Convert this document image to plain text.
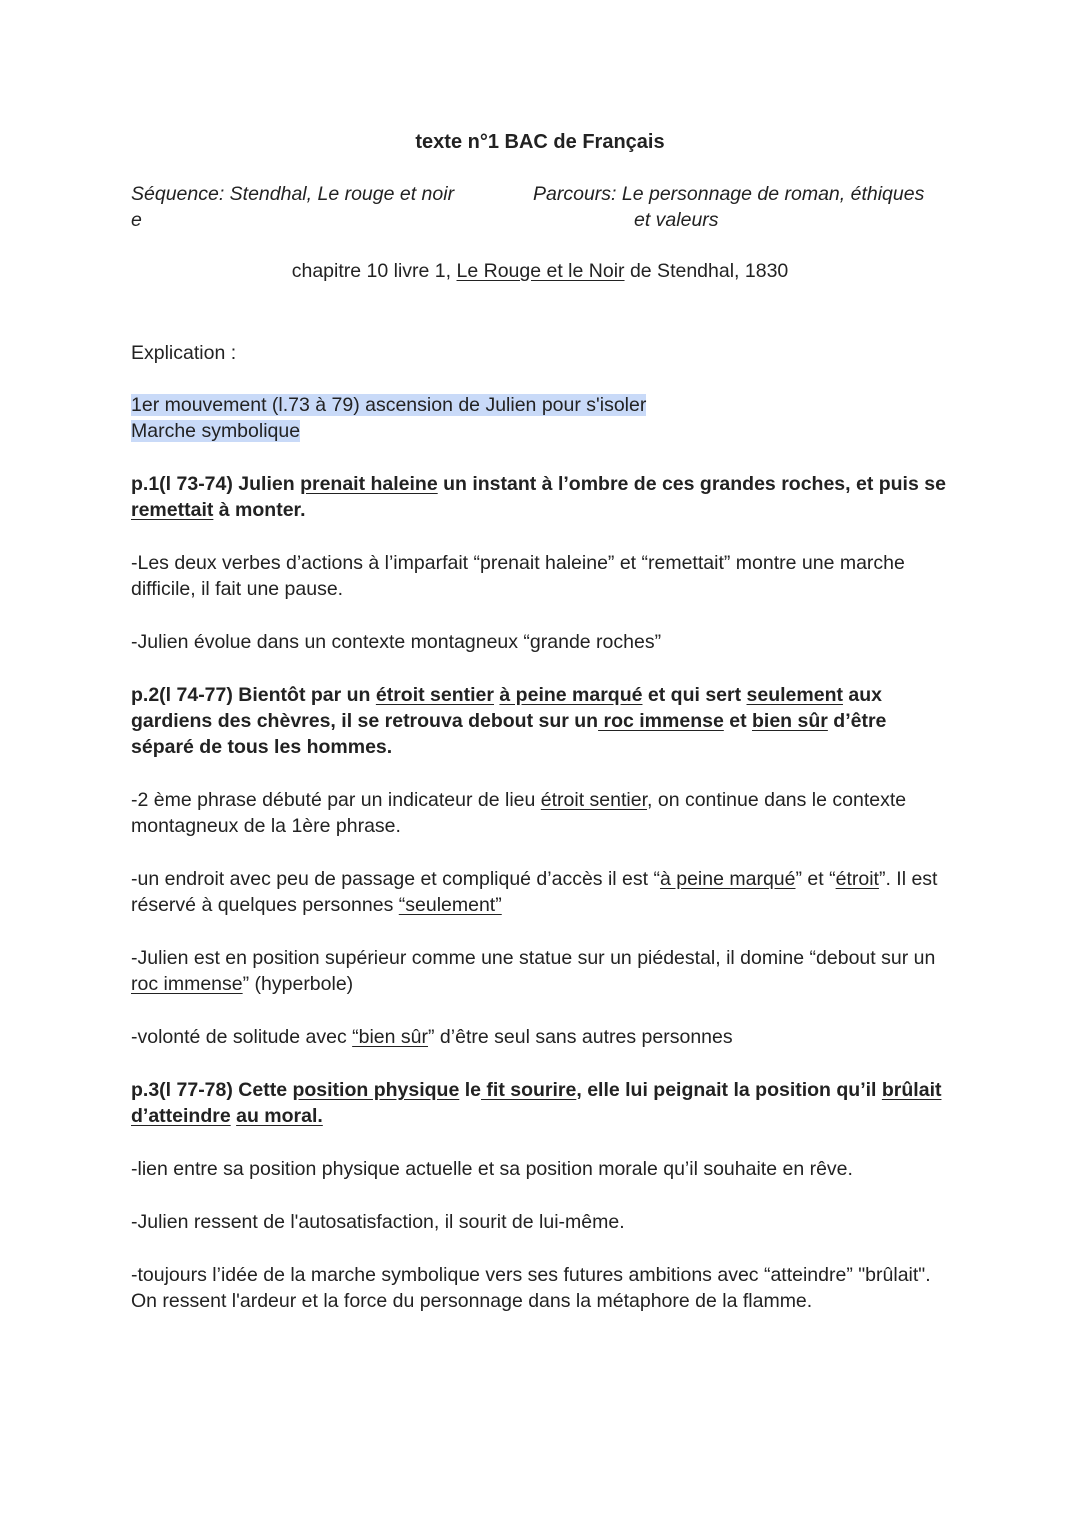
texte n°1 BAC de Français
Séquence: Stendhal, Le rouge et noir
e
Parcours: Le personnage de roman, éthiques
et valeurs
chapitre 10 livre 1, Le Rouge et le Noir de Stendhal, 1830
Explication :
1er mouvement (l.73 à 79) ascension de Julien pour s'isoler
Marche symbolique
p.1(l 73-74) Julien prenait haleine un instant à l’ombre de ces grandes roches, et puis se remettait à monter.
-Les deux verbes d’actions à l’imparfait “prenait haleine” et “remettait” montre une marche difficile, il fait une pause.
-Julien évolue dans un contexte montagneux “grande roches”
p.2(l 74-77) Bientôt par un étroit sentier à peine marqué et qui sert seulement aux gardiens des chèvres, il se retrouva debout sur un roc immense et bien sûr d’être séparé de tous les hommes.
-2 ème phrase débuté par un indicateur de lieu étroit sentier, on continue dans le contexte montagneux de la 1ère phrase.
-un endroit avec peu de passage et compliqué d’accès il est “à peine marqué” et “étroit”. Il est réservé à quelques personnes “seulement”
-Julien est en position supérieur comme une statue sur un piédestal, il domine “debout sur un roc immense” (hyperbole)
-volonté de solitude avec “bien sûr” d’être seul sans autres personnes
p.3(l 77-78) Cette position physique le fit sourire, elle lui peignait la position qu’il brûlait d’atteindre au moral.
-lien entre sa position physique actuelle et sa position morale qu’il souhaite en rêve.
-Julien ressent de l'autosatisfaction, il sourit de lui-même.
-toujours l’idée de la marche symbolique vers ses futures ambitions avec “atteindre” "brûlait". On ressent l'ardeur et la force du personnage dans la métaphore de la flamme.
